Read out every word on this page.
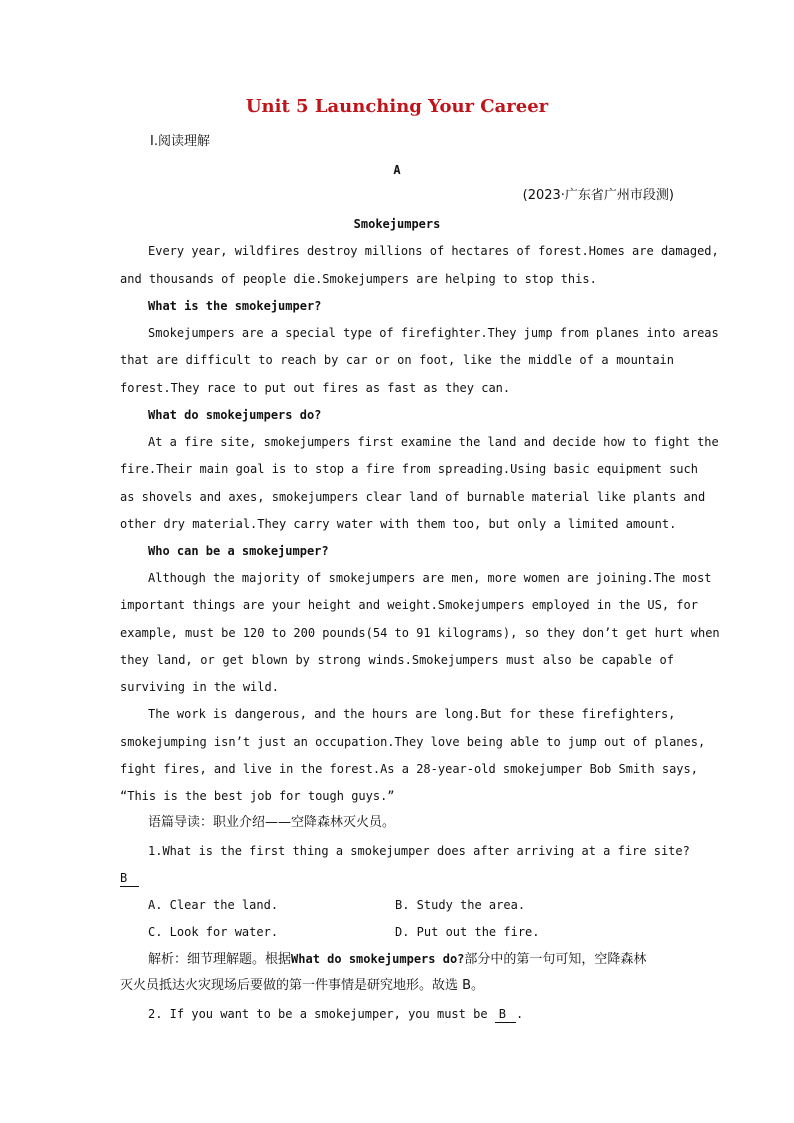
Unit 5 Launching Your Career
Ⅰ.阅读理解
A
(2023·广东省广州市段测)
Smokejumpers
Every year, wildfires destroy millions of hectares of forest.Homes are damaged,
and thousands of people die.Smokejumpers are helping to stop this.
What is the smokejumper?
Smokejumpers are a special type of firefighter.They jump from planes into areas
that are difficult to reach by car or on foot, like the middle of a mountain
forest.They race to put out fires as fast as they can.
What do smokejumpers do?
At a fire site, smokejumpers first examine the land and decide how to fight the
fire.Their main goal is to stop a fire from spreading.Using basic equipment such
as shovels and axes, smokejumpers clear land of burnable material like plants and
other dry material.They carry water with them too, but only a limited amount.
Who can be a smokejumper?
Although the majority of smokejumpers are men, more women are joining.The most
important things are your height and weight.Smokejumpers employed in the US, for
example, must be 120 to 200 pounds(54 to 91 kilograms), so they don’t get hurt when
they land, or get blown by strong winds.Smokejumpers must also be capable of
surviving in the wild.
The work is dangerous, and the hours are long.But for these firefighters,
smokejumping isn’t just an occupation.They love being able to jump out of planes,
fight fires, and live in the forest.As a 28-year-old smokejumper Bob Smith says,
“This is the best job for tough guys.”
语篇导读：职业介绍——空降森林灭火员。
1.What is the first thing a smokejumper does after arriving at a fire site?
B
A. Clear the land.	B. Study the area.
C. Look for water.	D. Put out the fire.
解析：细节理解题。根据What do smokejumpers do?部分中的第一句可知，空降森林
灭火员抵达火灾现场后要做的第一件事情是研究地形。故选 B。
2. If you want to be a smokejumper, you must be B .
